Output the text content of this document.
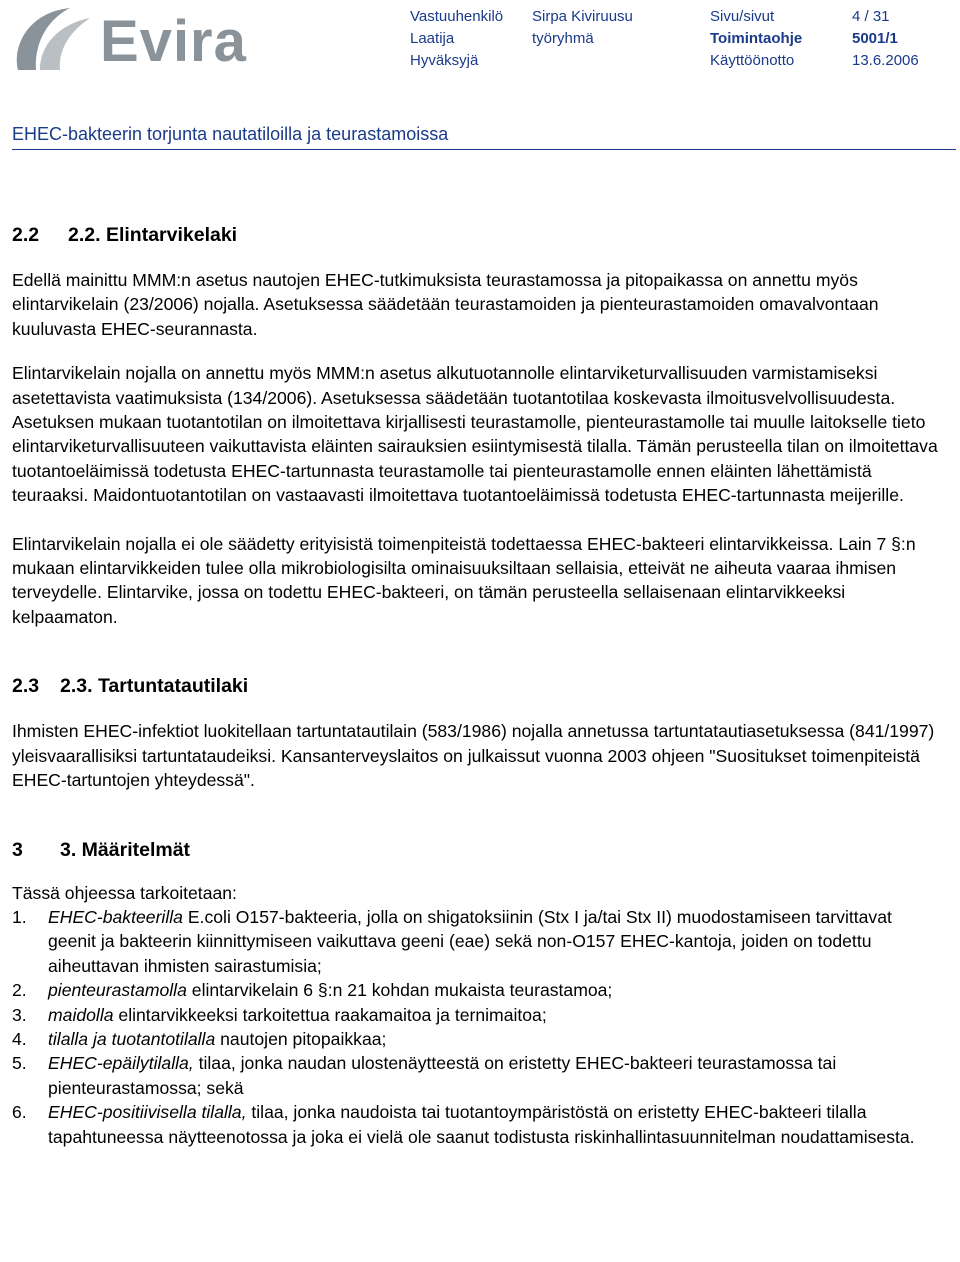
Evira	Vastuuhenkilö
Laatija
Hyväksyjä
Sirpa Kiviruusu
työryhmä
Sivu/sivut
Toimintaohje
Käyttöönotto
4 / 31
5001/1
13.6.2006
EHEC-bakteerin torjunta nautatiloilla ja teurastamoissa
2.2 2.2. Elintarvikelaki

Edellä mainittu MMM:n asetus nautojen EHEC-tutkimuksista teurastamossa ja pitopaikassa on annettu myös elintarvikelain (23/2006) nojalla. Asetuksessa säädetään teurastamoiden ja pienteurastamoiden omavalvontaan kuuluvasta EHEC-seurannasta.

Elintarvikelain nojalla on annettu myös MMM:n asetus alkutuotannolle elintarviketurvallisuuden varmistamiseksi asetettavista vaatimuksista (134/2006). Asetuksessa säädetään tuotantotilaa koskevasta ilmoitusvelvollisuudesta. Asetuksen mukaan tuotantotilan on ilmoitettava kirjallisesti teurastamolle, pienteurastamolle tai muulle laitokselle tieto elintarviketurvallisuuteen vaikuttavista eläinten sairauksien esiintymisestä tilalla. Tämän perusteella tilan on ilmoitettava tuotantoeläimissä todetusta EHEC-tartunnasta teurastamolle tai pienteurastamolle ennen eläinten lähettämistä teuraaksi. Maidontuotantotilan on vastaavasti ilmoitettava tuotantoeläimissä todetusta EHEC-tartunnasta meijerille.

Elintarvikelain nojalla ei ole säädetty erityisistä toimenpiteistä todettaessa EHEC-bakteeri elintarvikkeissa. Lain 7 §:n mukaan elintarvikkeiden tulee olla mikrobiologisilta ominaisuuksiltaan sellaisia, etteivät ne aiheuta vaaraa ihmisen terveydelle. Elintarvike, jossa on todettu EHEC-bakteeri, on tämän perusteella sellaisenaan elintarvikkeeksi kelpaamaton.

2.3 2.3. Tartuntatautilaki

Ihmisten EHEC-infektiot luokitellaan tartuntatautilain (583/1986) nojalla annetussa tartuntatautiasetuksessa (841/1997) yleisvaarallisiksi tartuntataudeiksi. Kansanterveyslaitos on julkaissut vuonna 2003 ohjeen "Suositukset toimenpiteistä EHEC-tartuntojen yhteydessä".

3 3. Määritelmät

Tässä ohjeessa tarkoitetaan:

1. EHEC-bakteerilla E.coli O157-bakteeria, jolla on shigatoksiinin (Stx I ja/tai Stx II) muodostamiseen tarvittavat geenit ja bakteerin kiinnittymiseen vaikuttava geeni (eae) sekä non-O157 EHEC-kantoja, joiden on todettu aiheuttavan ihmisten sairastumisia;
2. pienteurastamolla elintarvikelain 6 §:n 21 kohdan mukaista teurastamoa;
3. maidolla elintarvikkeeksi tarkoitettua raakamaitoa ja ternimaitoa;
4. tilalla ja tuotantotilalla nautojen pitopaikkaa;
5. EHEC-epäilytilalla, tilaa, jonka naudan ulostenäytteestä on eristetty EHEC-bakteeri teurastamossa tai pienteurastamossa; sekä
6. EHEC-positiivisella tilalla, tilaa, jonka naudoista tai tuotantoympäristöstä on eristetty EHEC-bakteeri tilalla tapahtuneessa näytteenotossa ja joka ei vielä ole saanut todistusta riskinhallintasuunnitelman noudattamisesta.
